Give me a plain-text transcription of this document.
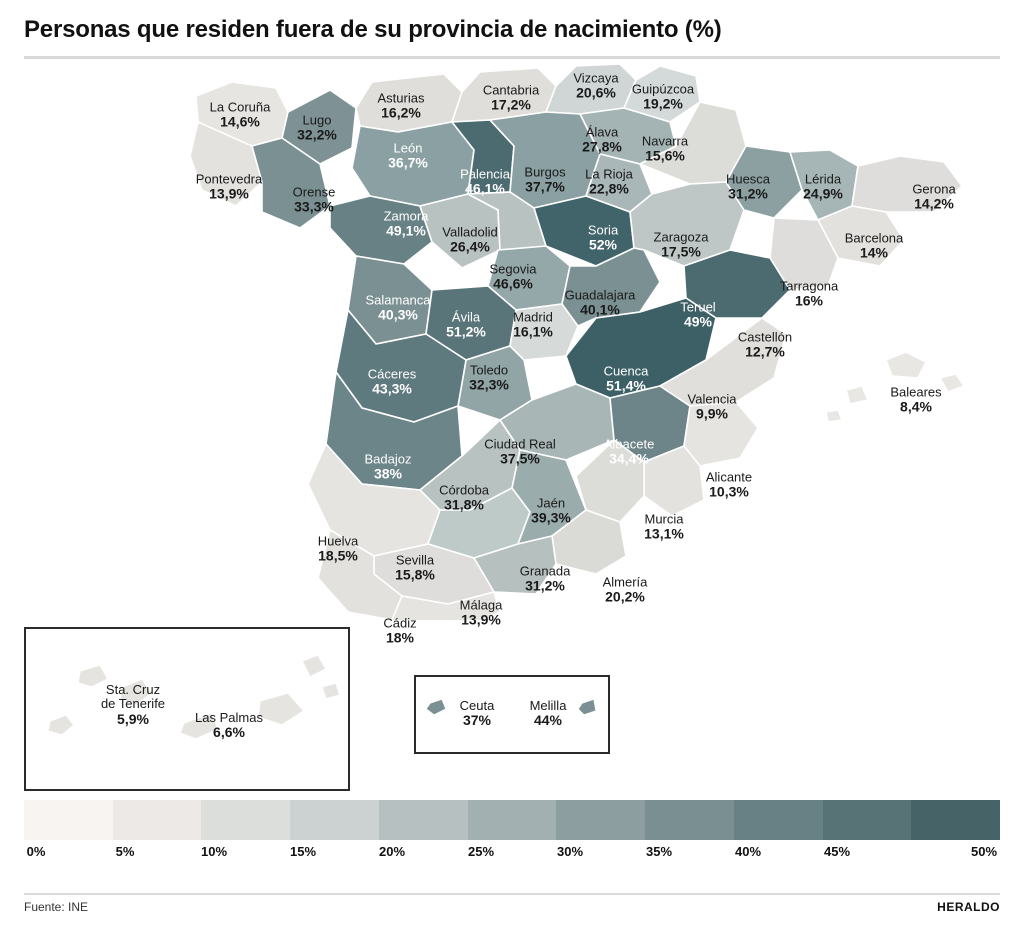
Personas que residen fuera de su provincia de nacimiento (%)
La Coruña
14,6%	Lugo
32,2%
Pontevedra
13,9%	Orense
33,3%
Asturias
16,2%
Cantabria
17,2%
Vizcaya
20,6% Guipúzcoa
19,2%
Álava
27,8% Navarra
15,6%
León
36,7%
Palencia
46,1%
Burgos
37,7%
La Rioja
22,8%
Huesca
31,2%
Lérida
24,9%	Gerona
14,2%
Zamora
49,1% Valladolid
26,4%
Soria
52%	Zaragoza
17,5%
Barcelona
14%
Segovia
46,6%
Guadalajara
40,1%	Teruel
49%
Tarragona
16%
Salamanca
40,3%	Ávila
51,2%
Madrid
16,1%	Castellón
12,7%
Cáceres
43,3%
Toledo
32,3%
Cuenca
51,4%
Valencia
9,9%
Baleares
8,4%
Badajoz
38%
Ciudad Real
37,5%
Albacete
34,4%
Alicante
10,3%
Córdoba
31,8%	Jaén
39,3%	Murcia
13,1%
Huelva
18,5%	Sevilla
15,8%	Granada
31,2%	Almería
20,2%
Málaga
13,9%
Cádiz
18%
Sta. Cruz
de Tenerife
5,9%	Las Palmas
6,6%
Ceuta
37%
Melilla
44%
0%	5%	10%	15%	20%	25%	30%	35%	40%	45%	50%
Fuente: INE	HERALDO
